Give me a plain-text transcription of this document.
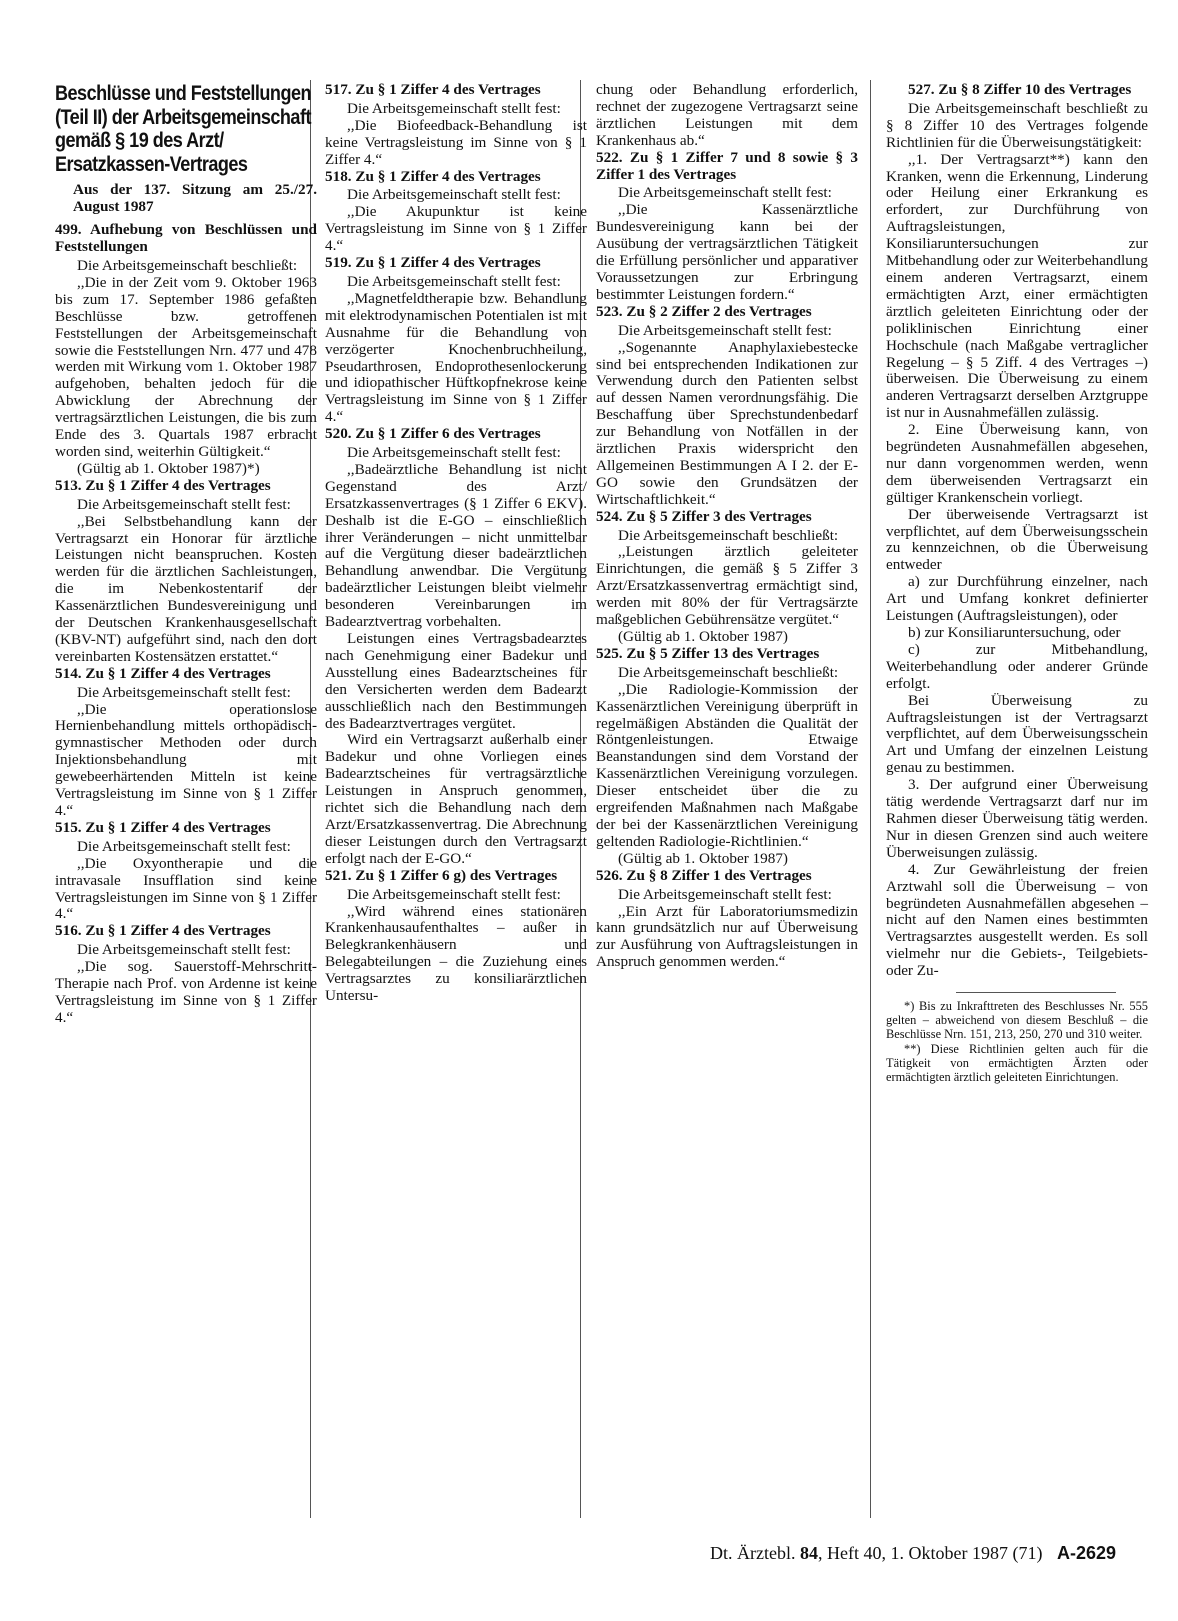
Beschlüsse und Feststellungen (Teil II) der Arbeitsgemeinschaft gemäß § 19 des Arzt/ Ersatzkassen-Vertrages
Aus der 137. Sitzung am 25./27. August 1987
499. Aufhebung von Beschlüssen und Feststellungen

Die Arbeitsgemeinschaft beschließt:

,,Die in der Zeit vom 9. Oktober 1963 bis zum 17. September 1986 gefaßten Beschlüsse bzw. getroffenen Feststellungen der Arbeitsgemeinschaft sowie die Feststellungen Nrn. 477 und 478 werden mit Wirkung vom 1. Oktober 1987 aufgehoben, behalten jedoch für die Abwicklung der Abrechnung der vertragsärztlichen Leistungen, die bis zum Ende des 3. Quartals 1987 erbracht worden sind, weiterhin Gültigkeit.“

(Gültig ab 1. Oktober 1987)*)

513. Zu § 1 Ziffer 4 des Vertrages

Die Arbeitsgemeinschaft stellt fest:

,,Bei Selbstbehandlung kann der Vertragsarzt ein Honorar für ärztliche Leistungen nicht beanspruchen. Kosten werden für die ärztlichen Sachleistungen, die im Nebenkostentarif der Kassenärztlichen Bundesvereinigung und der Deutschen Krankenhausgesellschaft (KBV-NT) aufgeführt sind, nach den dort vereinbarten Kostensätzen erstattet.“

514. Zu § 1 Ziffer 4 des Vertrages

Die Arbeitsgemeinschaft stellt fest:

,,Die operationslose Hernienbehandlung mittels orthopädisch-gymnastischer Methoden oder durch Injektionsbehandlung mit gewebeerhärtenden Mitteln ist keine Vertragsleistung im Sinne von § 1 Ziffer 4.“

515. Zu § 1 Ziffer 4 des Vertrages

Die Arbeitsgemeinschaft stellt fest:

,,Die Oxyontherapie und die intravasale Insufflation sind keine Vertragsleistungen im Sinne von § 1 Ziffer 4.“

516. Zu § 1 Ziffer 4 des Vertrages

Die Arbeitsgemeinschaft stellt fest:

,,Die sog. Sauerstoff-Mehrschritt-Therapie nach Prof. von Ardenne ist keine Vertragsleistung im Sinne von § 1 Ziffer 4.“

517. Zu § 1 Ziffer 4 des Vertrages

Die Arbeitsgemeinschaft stellt fest:

,,Die Biofeedback-Behandlung ist keine Vertragsleistung im Sinne von § 1 Ziffer 4.“

518. Zu § 1 Ziffer 4 des Vertrages

Die Arbeitsgemeinschaft stellt fest:

,,Die Akupunktur ist keine Vertragsleistung im Sinne von § 1 Ziffer 4.“

519. Zu § 1 Ziffer 4 des Vertrages

Die Arbeitsgemeinschaft stellt fest:

,,Magnetfeldtherapie bzw. Behandlung mit elektrodynamischen Potentialen ist mit Ausnahme für die Behandlung von verzögerter Knochenbruchheilung, Pseudarthrosen, Endoprothesenlockerung und idiopathischer Hüftkopfnekrose keine Vertragsleistung im Sinne von § 1 Ziffer 4.“

520. Zu § 1 Ziffer 6 des Vertrages

Die Arbeitsgemeinschaft stellt fest:

,,Badeärztliche Behandlung ist nicht Gegenstand des Arzt/ Ersatzkassenvertrages (§ 1 Ziffer 6 EKV). Deshalb ist die E-GO – einschließlich ihrer Veränderungen – nicht unmittelbar auf die Vergütung dieser badeärztlichen Behandlung anwendbar. Die Vergütung badeärztlicher Leistungen bleibt vielmehr besonderen Vereinbarungen im Badearztvertrag vorbehalten.

Leistungen eines Vertragsbadearztes nach Genehmigung einer Badekur und Ausstellung eines Badearztscheines für den Versicherten werden dem Badearzt ausschließlich nach den Bestimmungen des Badearztvertrages vergütet.

Wird ein Vertragsarzt außerhalb einer Badekur und ohne Vorliegen eines Badearztscheines für vertragsärztliche Leistungen in Anspruch genommen, richtet sich die Behandlung nach dem Arzt/Ersatzkassenvertrag. Die Abrechnung dieser Leistungen durch den Vertragsarzt erfolgt nach der E-GO.“

521. Zu § 1 Ziffer 6 g) des Vertrages

Die Arbeitsgemeinschaft stellt fest:

,,Wird während eines stationären Krankenhausaufenthaltes – außer in Belegkrankenhäusern und Belegabteilungen – die Zuziehung eines Vertragsarztes zu konsiliarärztlichen Untersu-

chung oder Behandlung erforderlich, rechnet der zugezogene Vertragsarzt seine ärztlichen Leistungen mit dem Krankenhaus ab.“

522. Zu § 1 Ziffer 7 und 8 sowie § 3 Ziffer 1 des Vertrages

Die Arbeitsgemeinschaft stellt fest:

,,Die Kassenärztliche Bundesvereinigung kann bei der Ausübung der vertragsärztlichen Tätigkeit die Erfüllung persönlicher und apparativer Voraussetzungen zur Erbringung bestimmter Leistungen fordern.“

523. Zu § 2 Ziffer 2 des Vertrages

Die Arbeitsgemeinschaft stellt fest:

,,Sogenannte Anaphylaxiebestecke sind bei entsprechenden Indikationen zur Verwendung durch den Patienten selbst auf dessen Namen verordnungsfähig. Die Beschaffung über Sprechstundenbedarf zur Behandlung von Notfällen in der ärztlichen Praxis widerspricht den Allgemeinen Bestimmungen A I 2. der E-GO sowie den Grundsätzen der Wirtschaftlichkeit.“

524. Zu § 5 Ziffer 3 des Vertrages

Die Arbeitsgemeinschaft beschließt:

,,Leistungen ärztlich geleiteter Einrichtungen, die gemäß § 5 Ziffer 3 Arzt/Ersatzkassenvertrag ermächtigt sind, werden mit 80% der für Vertragsärzte maßgeblichen Gebührensätze vergütet.“

(Gültig ab 1. Oktober 1987)

525. Zu § 5 Ziffer 13 des Vertrages

Die Arbeitsgemeinschaft beschließt:

,,Die Radiologie-Kommission der Kassenärztlichen Vereinigung überprüft in regelmäßigen Abständen die Qualität der Röntgenleistungen. Etwaige Beanstandungen sind dem Vorstand der Kassenärztlichen Vereinigung vorzulegen. Dieser entscheidet über die zu ergreifenden Maßnahmen nach Maßgabe der bei der Kassenärztlichen Vereinigung geltenden Radiologie-Richtlinien.“

(Gültig ab 1. Oktober 1987)

526. Zu § 8 Ziffer 1 des Vertrages

Die Arbeitsgemeinschaft stellt fest:

,,Ein Arzt für Laboratoriumsmedizin kann grundsätzlich nur auf Überweisung zur Ausführung von Auftragsleistungen in Anspruch genommen werden.“

527. Zu § 8 Ziffer 10 des Vertrages

Die Arbeitsgemeinschaft beschließt zu § 8 Ziffer 10 des Vertrages folgende Richtlinien für die Überweisungstätigkeit:

,,1. Der Vertragsarzt**) kann den Kranken, wenn die Erkennung, Linderung oder Heilung einer Erkrankung es erfordert, zur Durchführung von Auftragsleistungen, Konsiliaruntersuchungen zur Mitbehandlung oder zur Weiterbehandlung einem anderen Vertragsarzt, einem ermächtigten Arzt, einer ermächtigten ärztlich geleiteten Einrichtung oder der poliklinischen Einrichtung einer Hochschule (nach Maßgabe vertraglicher Regelung – § 5 Ziff. 4 des Vertrages –) überweisen. Die Überweisung zu einem anderen Vertragsarzt derselben Arztgruppe ist nur in Ausnahmefällen zulässig.

2. Eine Überweisung kann, von begründeten Ausnahmefällen abgesehen, nur dann vorgenommen werden, wenn dem überweisenden Vertragsarzt ein gültiger Krankenschein vorliegt.

Der überweisende Vertragsarzt ist verpflichtet, auf dem Überweisungsschein zu kennzeichnen, ob die Überweisung entweder

a) zur Durchführung einzelner, nach Art und Umfang konkret definierter Leistungen (Auftragsleistungen), oder

b) zur Konsiliaruntersuchung, oder

c) zur Mitbehandlung, Weiterbehandlung oder anderer Gründe erfolgt.

Bei Überweisung zu Auftragsleistungen ist der Vertragsarzt verpflichtet, auf dem Überweisungsschein Art und Umfang der einzelnen Leistung genau zu bestimmen.

3. Der aufgrund einer Überweisung tätig werdende Vertragsarzt darf nur im Rahmen dieser Überweisung tätig werden. Nur in diesen Grenzen sind auch weitere Überweisungen zulässig.

4. Zur Gewährleistung der freien Arztwahl soll die Überweisung – von begründeten Ausnahmefällen abgesehen – nicht auf den Namen eines bestimmten Vertragsarztes ausgestellt werden. Es soll vielmehr nur die Gebiets-, Teilgebiets- oder Zu-

*) Bis zu Inkrafttreten des Beschlusses Nr. 555 gelten – abweichend von diesem Beschluß – die Beschlüsse Nrn. 151, 213, 250, 270 und 310 weiter.

**) Diese Richtlinien gelten auch für die Tätigkeit von ermächtigten Ärzten oder ermächtigten ärztlich geleiteten Einrichtungen.

Dt. Ärztebl. 84, Heft 40, 1. Oktober 1987 (71) A-2629
